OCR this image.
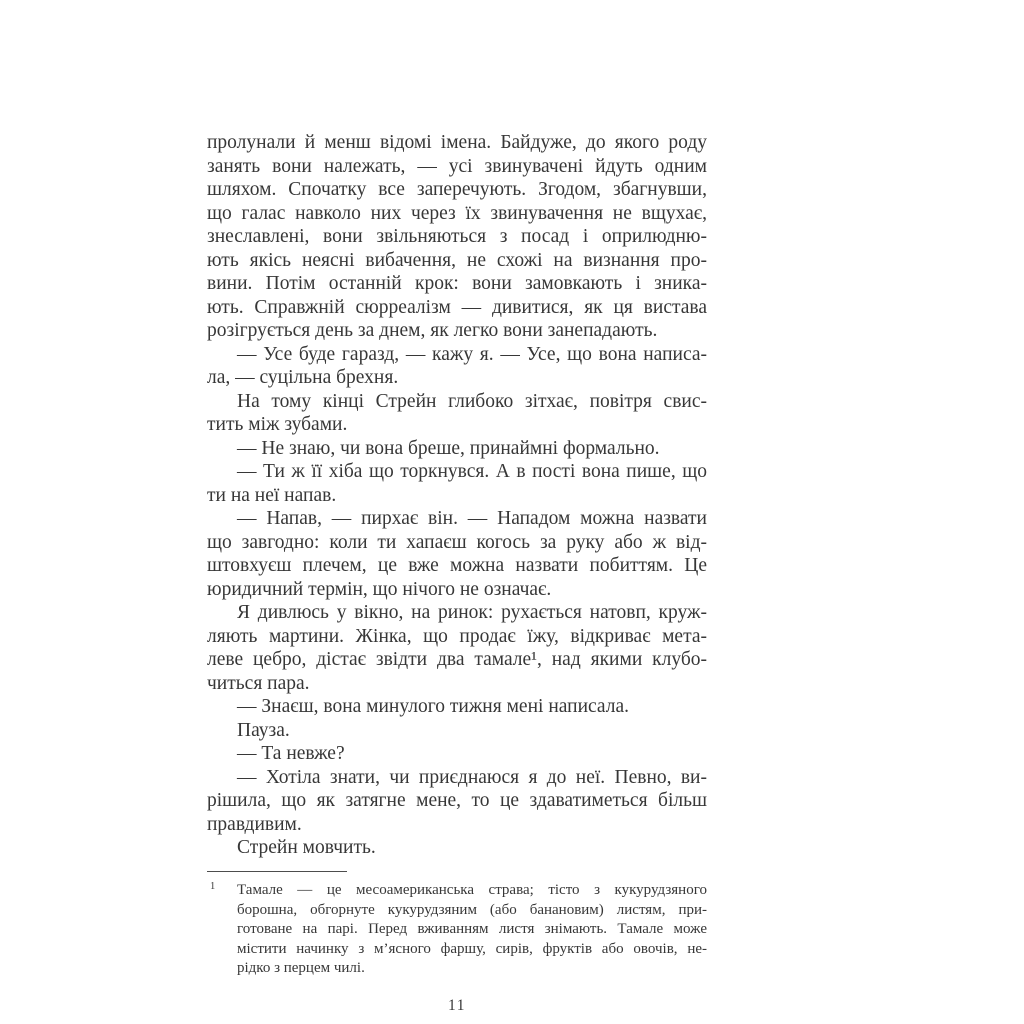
пролунали й менш відомі імена. Байдуже, до якого роду
занять вони належать, — усі звинувачені йдуть одним
шляхом. Спочатку все заперечують. Згодом, збагнувши,
що галас навколо них через їх звинувачення не вщухає,
знеславлені, вони звільняються з посад і оприлюдню-
ють якісь неясні вибачення, не схожі на визнання про-
вини. Потім останній крок: вони замовкають і зника-
ють. Справжній сюрреалізм — дивитися, як ця вистава
розігрується день за днем, як легко вони занепадають.
— Усе буде гаразд, — кажу я. — Усе, що вона написа-
ла, — суцільна брехня.
На тому кінці Стрейн глибоко зітхає, повітря свис-
тить між зубами.
— Не знаю, чи вона бреше, принаймні формально.
— Ти ж її хіба що торкнувся. А в пості вона пише, що
ти на неї напав.
— Напав, — пирхає він. — Нападом можна назвати
що завгодно: коли ти хапаєш когось за руку або ж від-
штовхуєш плечем, це вже можна назвати побиттям. Це
юридичний термін, що нічого не означає.
Я дивлюсь у вікно, на ринок: рухається натовп, круж-
ляють мартини. Жінка, що продає їжу, відкриває мета-
леве цебро, дістає звідти два тамале¹, над якими клубо-
читься пара.
— Знаєш, вона минулого тижня мені написала.
Пауза.
— Та невже?
— Хотіла знати, чи приєднаюся я до неї. Певно, ви-
рішила, що як затягне мене, то це здаватиметься більш
правдивим.
Стрейн мовчить.
1 Тамале — це месоамериканська страва; тісто з кукурудзяного
борошна, обгорнуте кукурудзяним (або банановим) листям, при-
готоване на парі. Перед вживанням листя знімають. Тамале може
містити начинку з м’ясного фаршу, сирів, фруктів або овочів, не-
рідко з перцем чилі.
11
